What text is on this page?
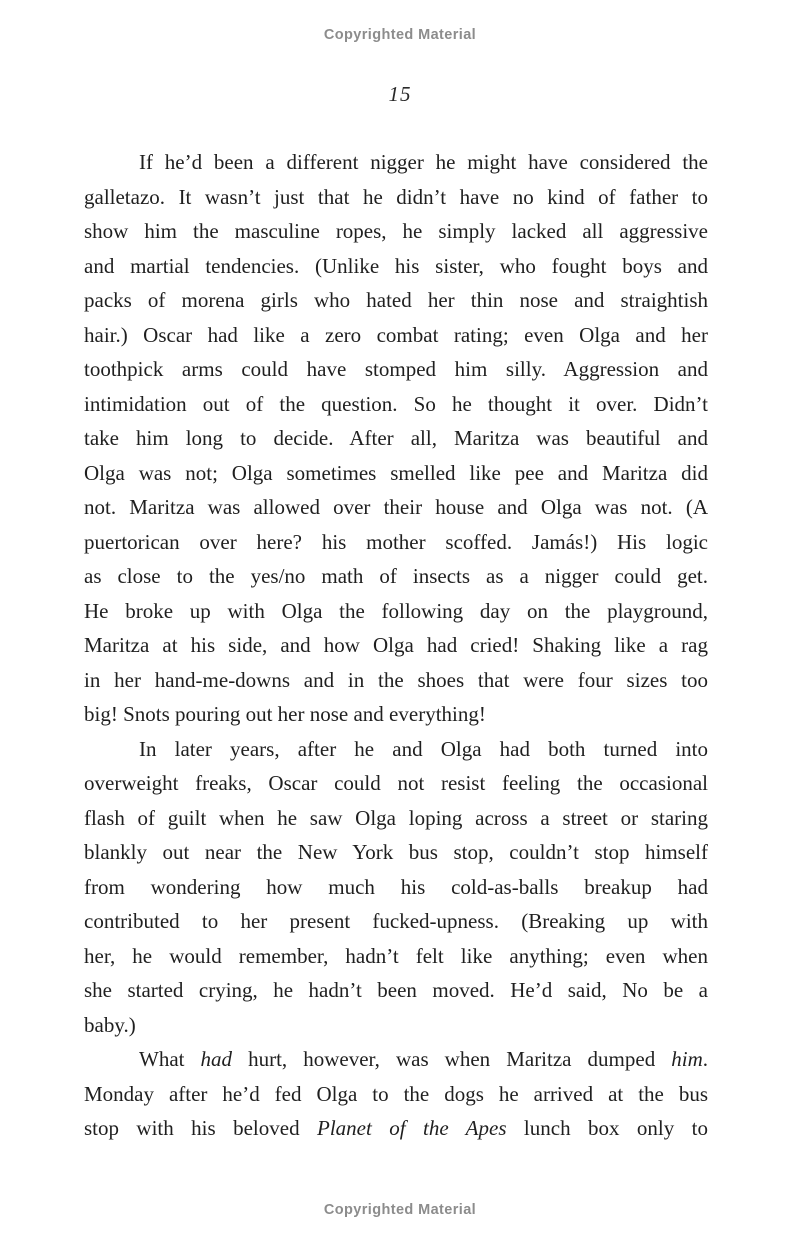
Copyrighted Material
15
If he’d been a different nigger he might have considered the
galletazo. It wasn’t just that he didn’t have no kind of father to
show him the masculine ropes, he simply lacked all aggressive
and martial tendencies. (Unlike his sister, who fought boys and
packs of morena girls who hated her thin nose and straightish
hair.) Oscar had like a zero combat rating; even Olga and her
toothpick arms could have stomped him silly. Aggression and
intimidation out of the question. So he thought it over. Didn’t
take him long to decide. After all, Maritza was beautiful and
Olga was not; Olga sometimes smelled like pee and Maritza did
not. Maritza was allowed over their house and Olga was not. (A
puertorican over here? his mother scoffed. Jamás!) His logic
as close to the yes/no math of insects as a nigger could get.
He broke up with Olga the following day on the playground,
Maritza at his side, and how Olga had cried! Shaking like a rag
in her hand-me-downs and in the shoes that were four sizes too
big! Snots pouring out her nose and everything!
In later years, after he and Olga had both turned into
overweight freaks, Oscar could not resist feeling the occasional
flash of guilt when he saw Olga loping across a street or staring
blankly out near the New York bus stop, couldn’t stop himself
from wondering how much his cold-as-balls breakup had
contributed to her present fucked-upness. (Breaking up with
her, he would remember, hadn’t felt like anything; even when
she started crying, he hadn’t been moved. He’d said, No be a
baby.)
What had hurt, however, was when Maritza dumped him.
Monday after he’d fed Olga to the dogs he arrived at the bus
stop with his beloved Planet of the Apes lunch box only to
Copyrighted Material
